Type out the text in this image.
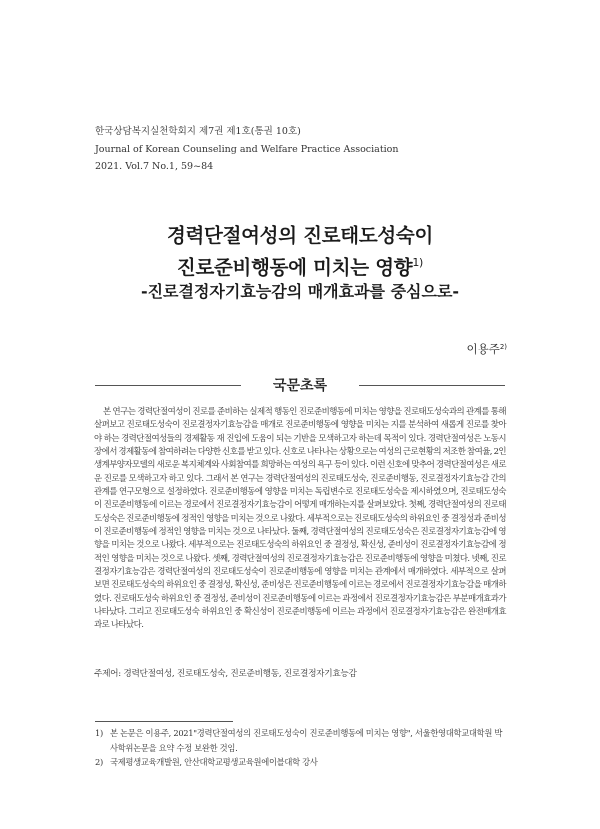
한국상담복지실천학회지 제7권 제1호(통권 10호)
Journal of Korean Counseling and Welfare Practice Association
2021. Vol.7 No.1, 59~84
경력단절여성의 진로태도성숙이
진로준비행동에 미치는 영향$^{1)}$
-진로결정자기효능감의 매개효과를 중심으로-
이용주$^{2)}$
국문초록

본 연구는 경력단절여성이 진로를 준비하는 실제적 행동인 진로준비행동에 미치는 영향을 진로태도성숙과의 관계를 통해 살펴보고 진로태도성숙이 진로결정자기효능감을 매개로 진로준비행동에 영향을 미치는 지를 분석하여 새롭게 진로를 찾아야 하는 경력단절여성들의 경제활동 재 진입에 도움이 되는 기반을 모색하고자 하는데 목적이 있다. 경력단절여성은 노동시장에서 경제활동에 참여하려는 다양한 신호를 받고 있다. 신호로 나타나는 상황으로는 여성의 근로현황의 저조한 참여율, 2인생계부양자모델의 새로운 복지체계와 사회참여를 희망하는 여성의 욕구 등이 있다. 이런 신호에 맞추어 경력단절여성은 새로운 진로를 모색하고자 하고 있다. 그래서 본 연구는 경력단절여성의 진로태도성숙, 진로준비행동, 진로결정자기효능감 간의 관계를 연구모형으로 설정하였다. 진로준비행동에 영향을 미치는 독립변수로 진로태도성숙을 제시하였으며, 진로태도성숙이 진로준비행동에 이르는 경로에서 진로결정자기효능감이 어떻게 매개하는지를 살펴보았다. 첫째, 경력단절여성의 진로태도성숙은 진로준비행동에 정적인 영향을 미치는 것으로 나왔다. 세부적으로는 진로태도성숙의 하위요인 중 결정성과 준비성이 진로준비행동에 정적인 영향을 미치는 것으로 나타났다. 둘째, 경력단절여성의 진로태도성숙은 진로결정자기효능감에 영향을 미치는 것으로 나왔다. 세부적으로는 진로태도성숙의 하위요인 중 결정성, 확신성, 준비성이 진로결정자기효능감에 정적인 영향을 미치는 것으로 나왔다. 셋째, 경력단절여성의 진로결정자기효능감은 진로준비행동에 영향을 미쳤다. 넷째, 진로결정자기효능감은 경력단절여성의 진로태도성숙이 진로준비행동에 영향을 미치는 관계에서 매개하였다. 세부적으로 살펴보면 진로태도성숙의 하위요인 중 결정성, 확신성, 준비성은 진로준비행동에 이르는 경로에서 진로결정자기효능감을 매개하였다. 진로태도성숙 하위요인 중 결정성, 준비성이 진로준비행동에 이르는 과정에서 진로결정자기효능감은 부분매개효과가 나타났다. 그리고 진로태도성숙 하위요인 중 확신성이 진로준비행동에 이르는 과정에서 진로결정자기효능감은 완전매개효과로 나타났다.

주제어: 경력단절여성, 진로태도성숙, 진로준비행동, 진로결정자기효능감
1) 본 논문은 이용주, 2021"경력단절여성의 진로태도성숙이 진로준비행동에 미치는 영향", 서울한영대학교대학원 박사학위논문을 요약 수정 보완한 것임.
2) 국제평생교육개발원, 안산대학교평생교육원에이블대학 강사
